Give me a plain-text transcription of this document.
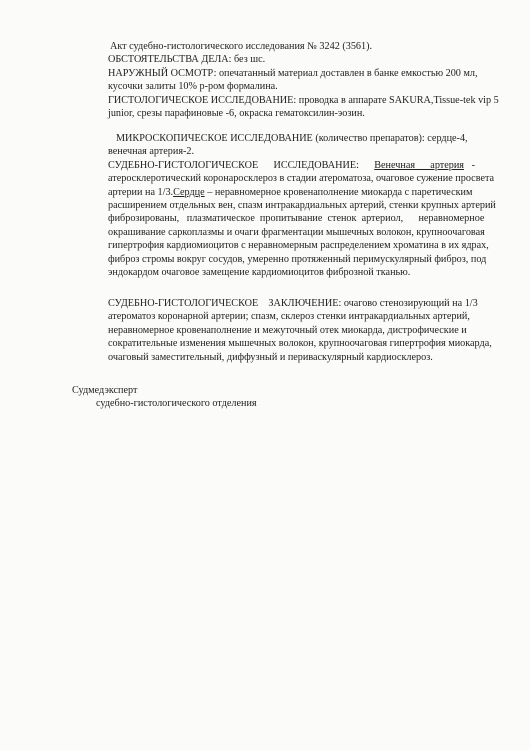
Акт судебно-гистологического исследования № 3242 (3561).
ОБСТОЯТЕЛЬСТВА ДЕЛА: без шс.
НАРУЖНЫЙ ОСМОТР: опечатанный материал доставлен в банке емкостью 200 мл,
кусочки залиты 10% р-ром формалина.
ГИСТОЛОГИЧЕСКОЕ ИССЛЕДОВАНИЕ: проводка в аппарате SAKURA,Tissue-tek vip 5
junior, срезы парафиновые -6, окраска гематоксилин-эозин.
МИКРОСКОПИЧЕСКОЕ ИССЛЕДОВАНИЕ (количество препаратов): сердце-4,
венечная артерия-2.
СУДЕБНО-ГИСТОЛОГИЧЕСКОЕ      ИССЛЕДОВАНИЕ: Венечная      артерия -
атеросклеротический коронаросклероз в стадии атероматоза, очаговое сужение просвета
артерии на 1/3.Сердце – неравномерное кровенаполнение миокарда с паретическим
расширением отдельных вен, спазм интракардиальных артерий, стенки крупных артерий
фиброзированы,   плазматическое  пропитывание  стенок  артериол,      неравномерное
окрашивание саркоплазмы и очаги фрагментации мышечных волокон, крупноочаговая
гипертрофия кардиомиоцитов с неравномерным распределением хроматина в их ядрах,
фиброз стромы вокруг сосудов, умеренно протяженный перимускулярный фиброз, под
эндокардом очаговое замещение кардиомиоцитов фиброзной тканью.
СУДЕБНО-ГИСТОЛОГИЧЕСКОЕ    ЗАКЛЮЧЕНИЕ: очагово стенозирующий на 1/3
атероматоз коронарной артерии; спазм, склероз стенки интракардиальных артерий,
неравномерное кровенаполнение и межуточный отек миокарда, дистрофические и
сократительные изменения мышечных волокон, крупноочаговая гипертрофия миокарда,
очаговый заместительный, диффузный и периваскулярный кардиосклероз.
Судмедэксперт
судебно-гистологического отделения
